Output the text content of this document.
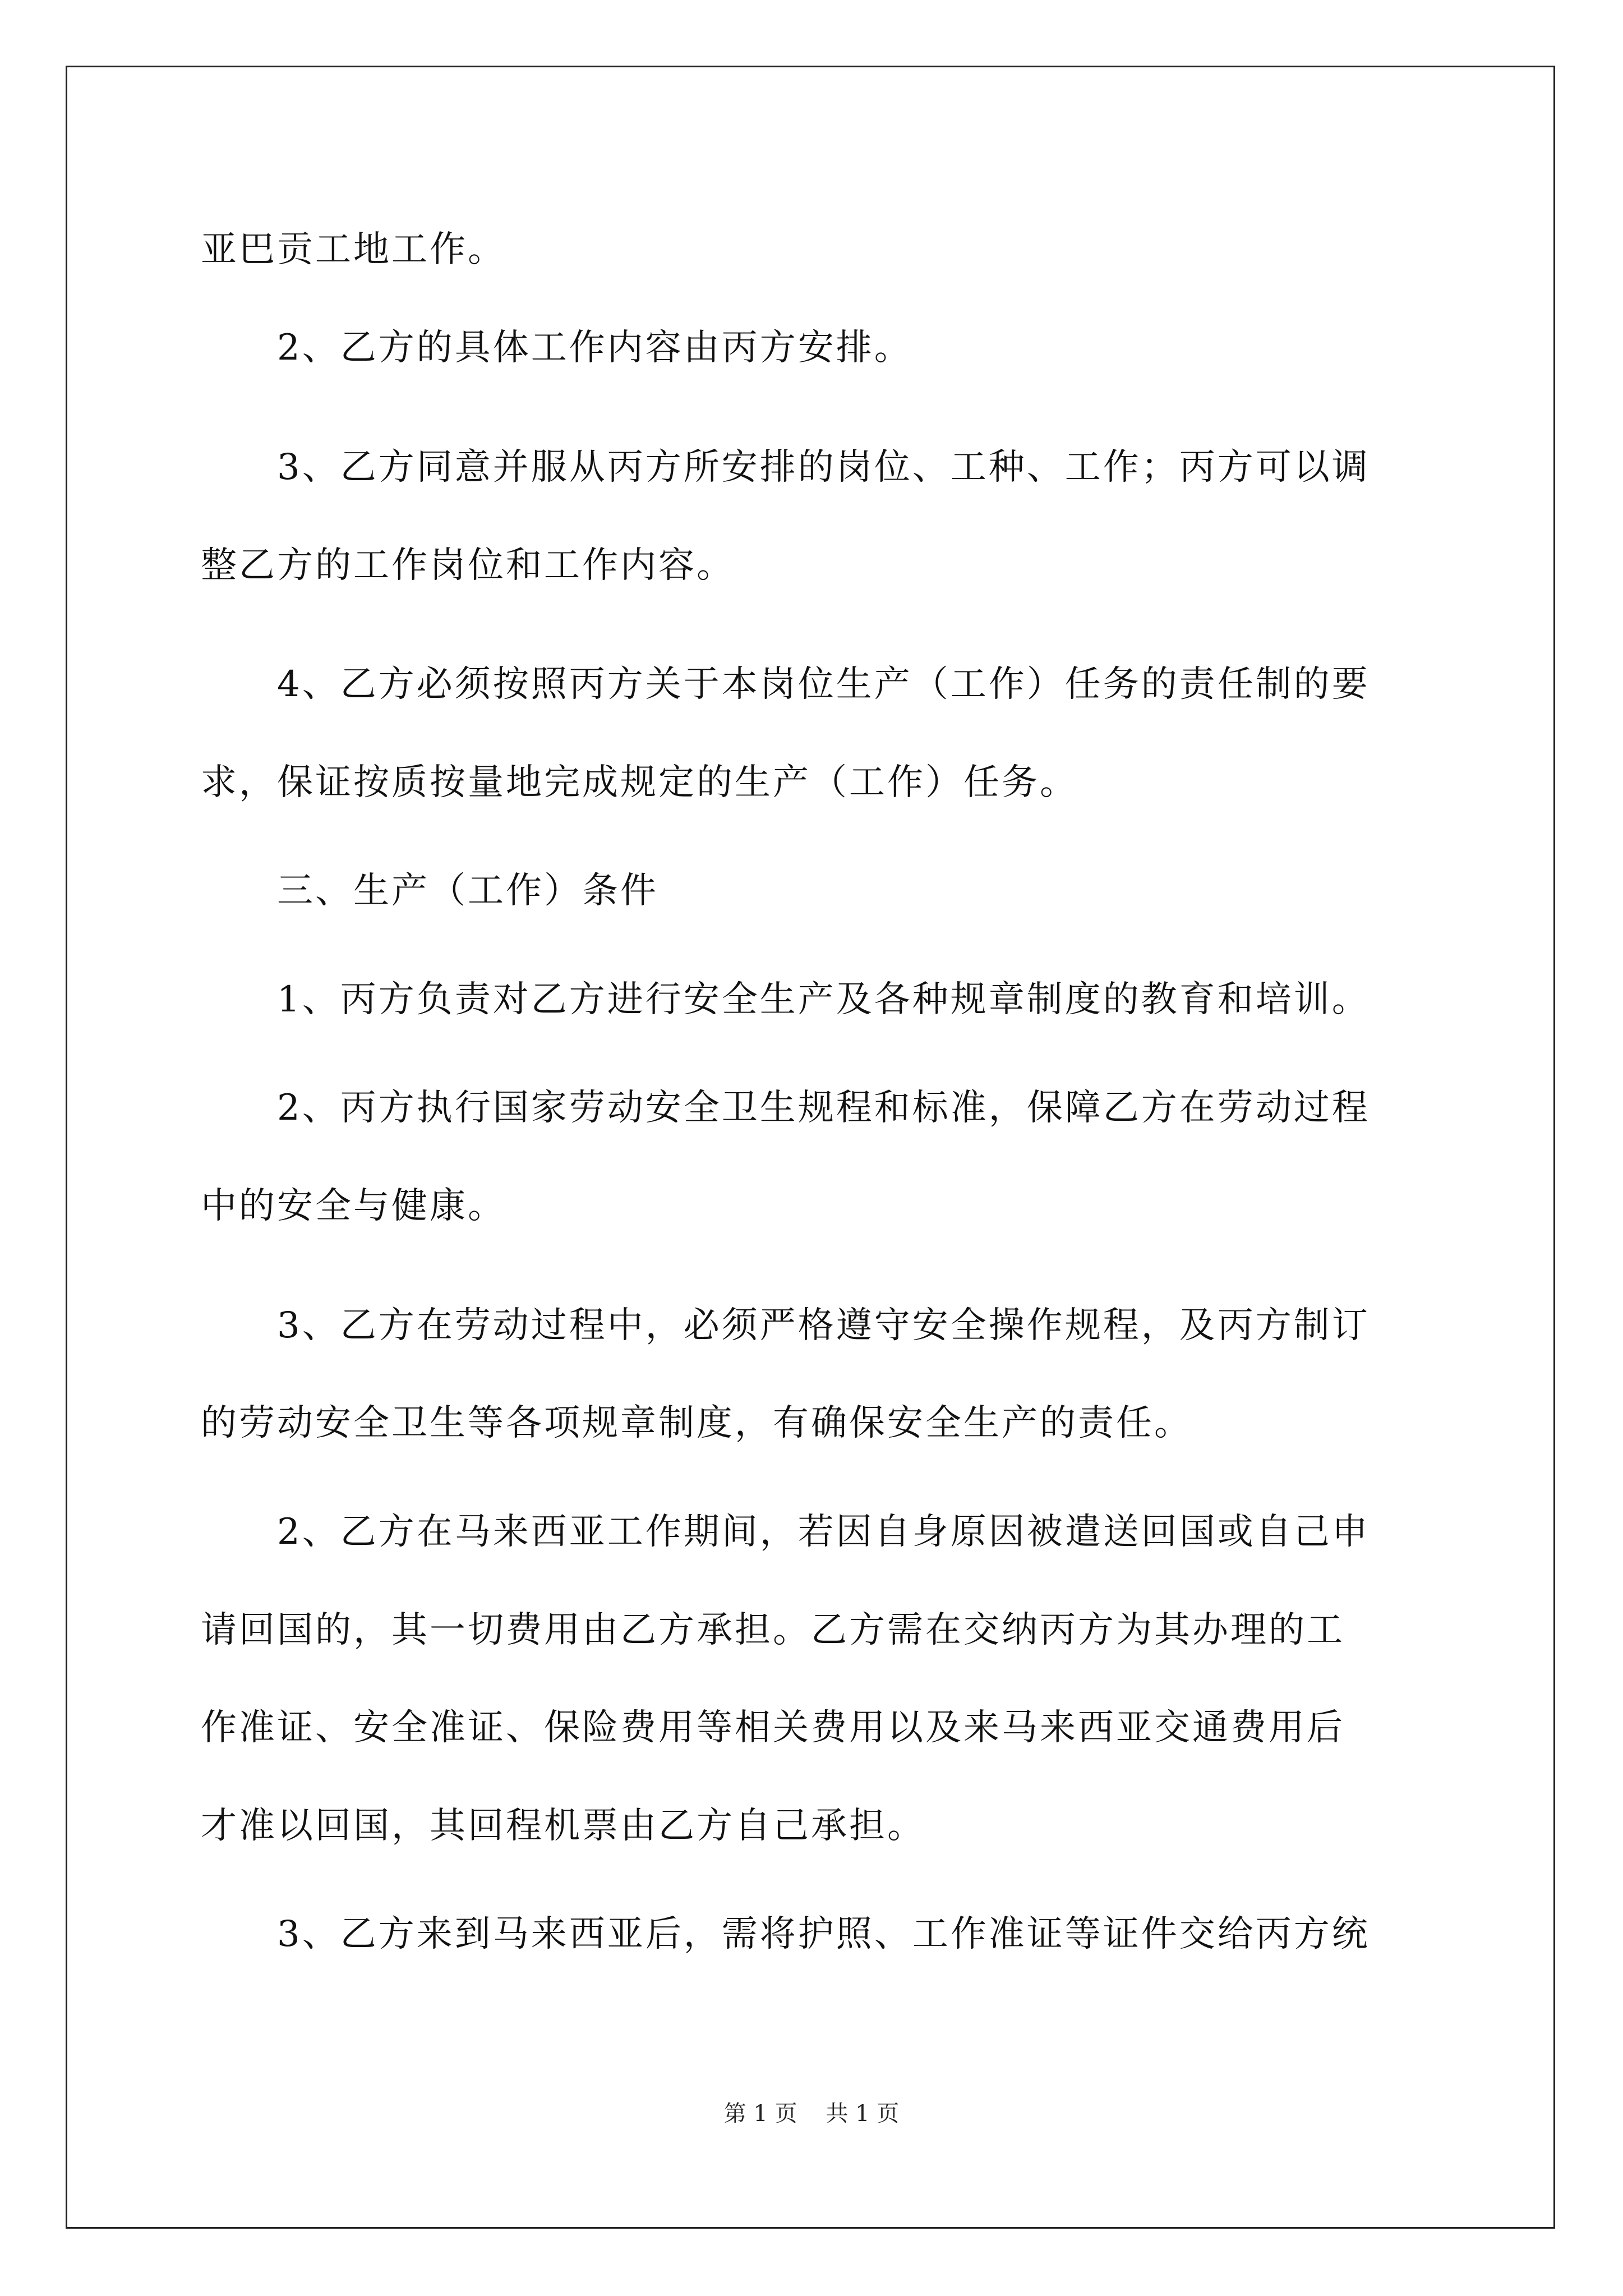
亚巴贡工地工作。
2、乙方的具体工作内容由丙方安排。
3、乙方同意并服从丙方所安排的岗位、工种、工作；丙方可以调
整乙方的工作岗位和工作内容。
4、乙方必须按照丙方关于本岗位生产（工作）任务的责任制的要
求，保证按质按量地完成规定的生产（工作）任务。
三、生产（工作）条件
1、丙方负责对乙方进行安全生产及各种规章制度的教育和培训。
2、丙方执行国家劳动安全卫生规程和标准，保障乙方在劳动过程
中的安全与健康。
3、乙方在劳动过程中，必须严格遵守安全操作规程，及丙方制订
的劳动安全卫生等各项规章制度，有确保安全生产的责任。
2、乙方在马来西亚工作期间，若因自身原因被遣送回国或自己申
请回国的，其一切费用由乙方承担。乙方需在交纳丙方为其办理的工
作准证、安全准证、保险费用等相关费用以及来马来西亚交通费用后
才准以回国，其回程机票由乙方自己承担。
3、乙方来到马来西亚后，需将护照、工作准证等证件交给丙方统
第 1 页    共 1 页
